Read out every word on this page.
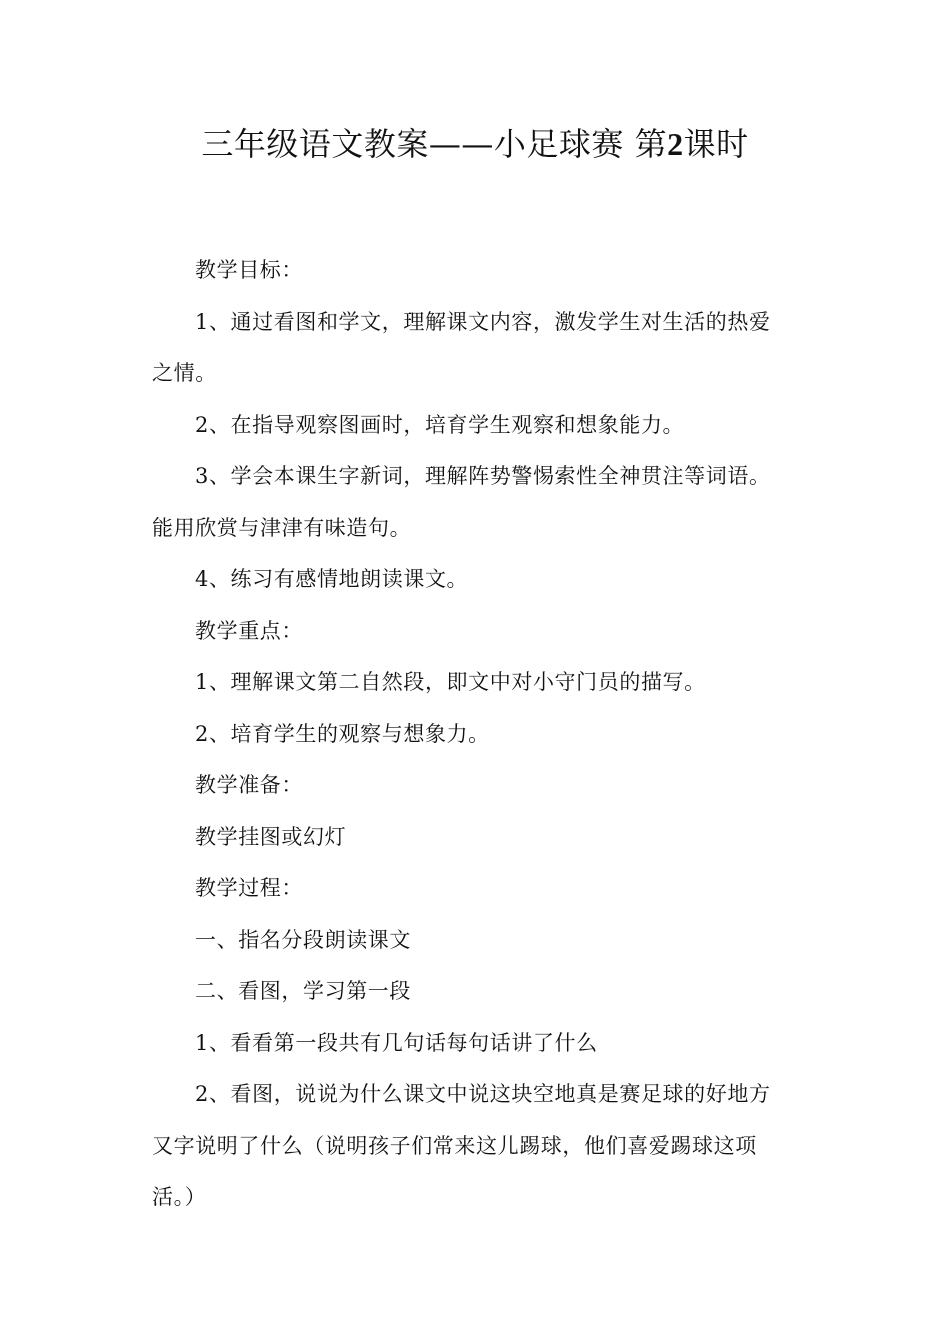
三年级语文教案——小足球赛 第2课时

教学目标：

1、通过看图和学文，理解课文内容，激发学生对生活的热爱之情。

2、在指导观察图画时，培育学生观察和想象能力。

3、学会本课生字新词，理解阵势警惕索性全神贯注等词语。能用欣赏与津津有味造句。

4、练习有感情地朗读课文。

教学重点：

1、理解课文第二自然段，即文中对小守门员的描写。

2、培育学生的观察与想象力。

教学准备：

教学挂图或幻灯

教学过程：

一、指名分段朗读课文

二、看图，学习第一段

1、看看第一段共有几句话每句话讲了什么

2、看图，说说为什么课文中说这块空地真是赛足球的好地方又字说明了什么（说明孩子们常来这儿踢球，他们喜爱踢球这项活。）
